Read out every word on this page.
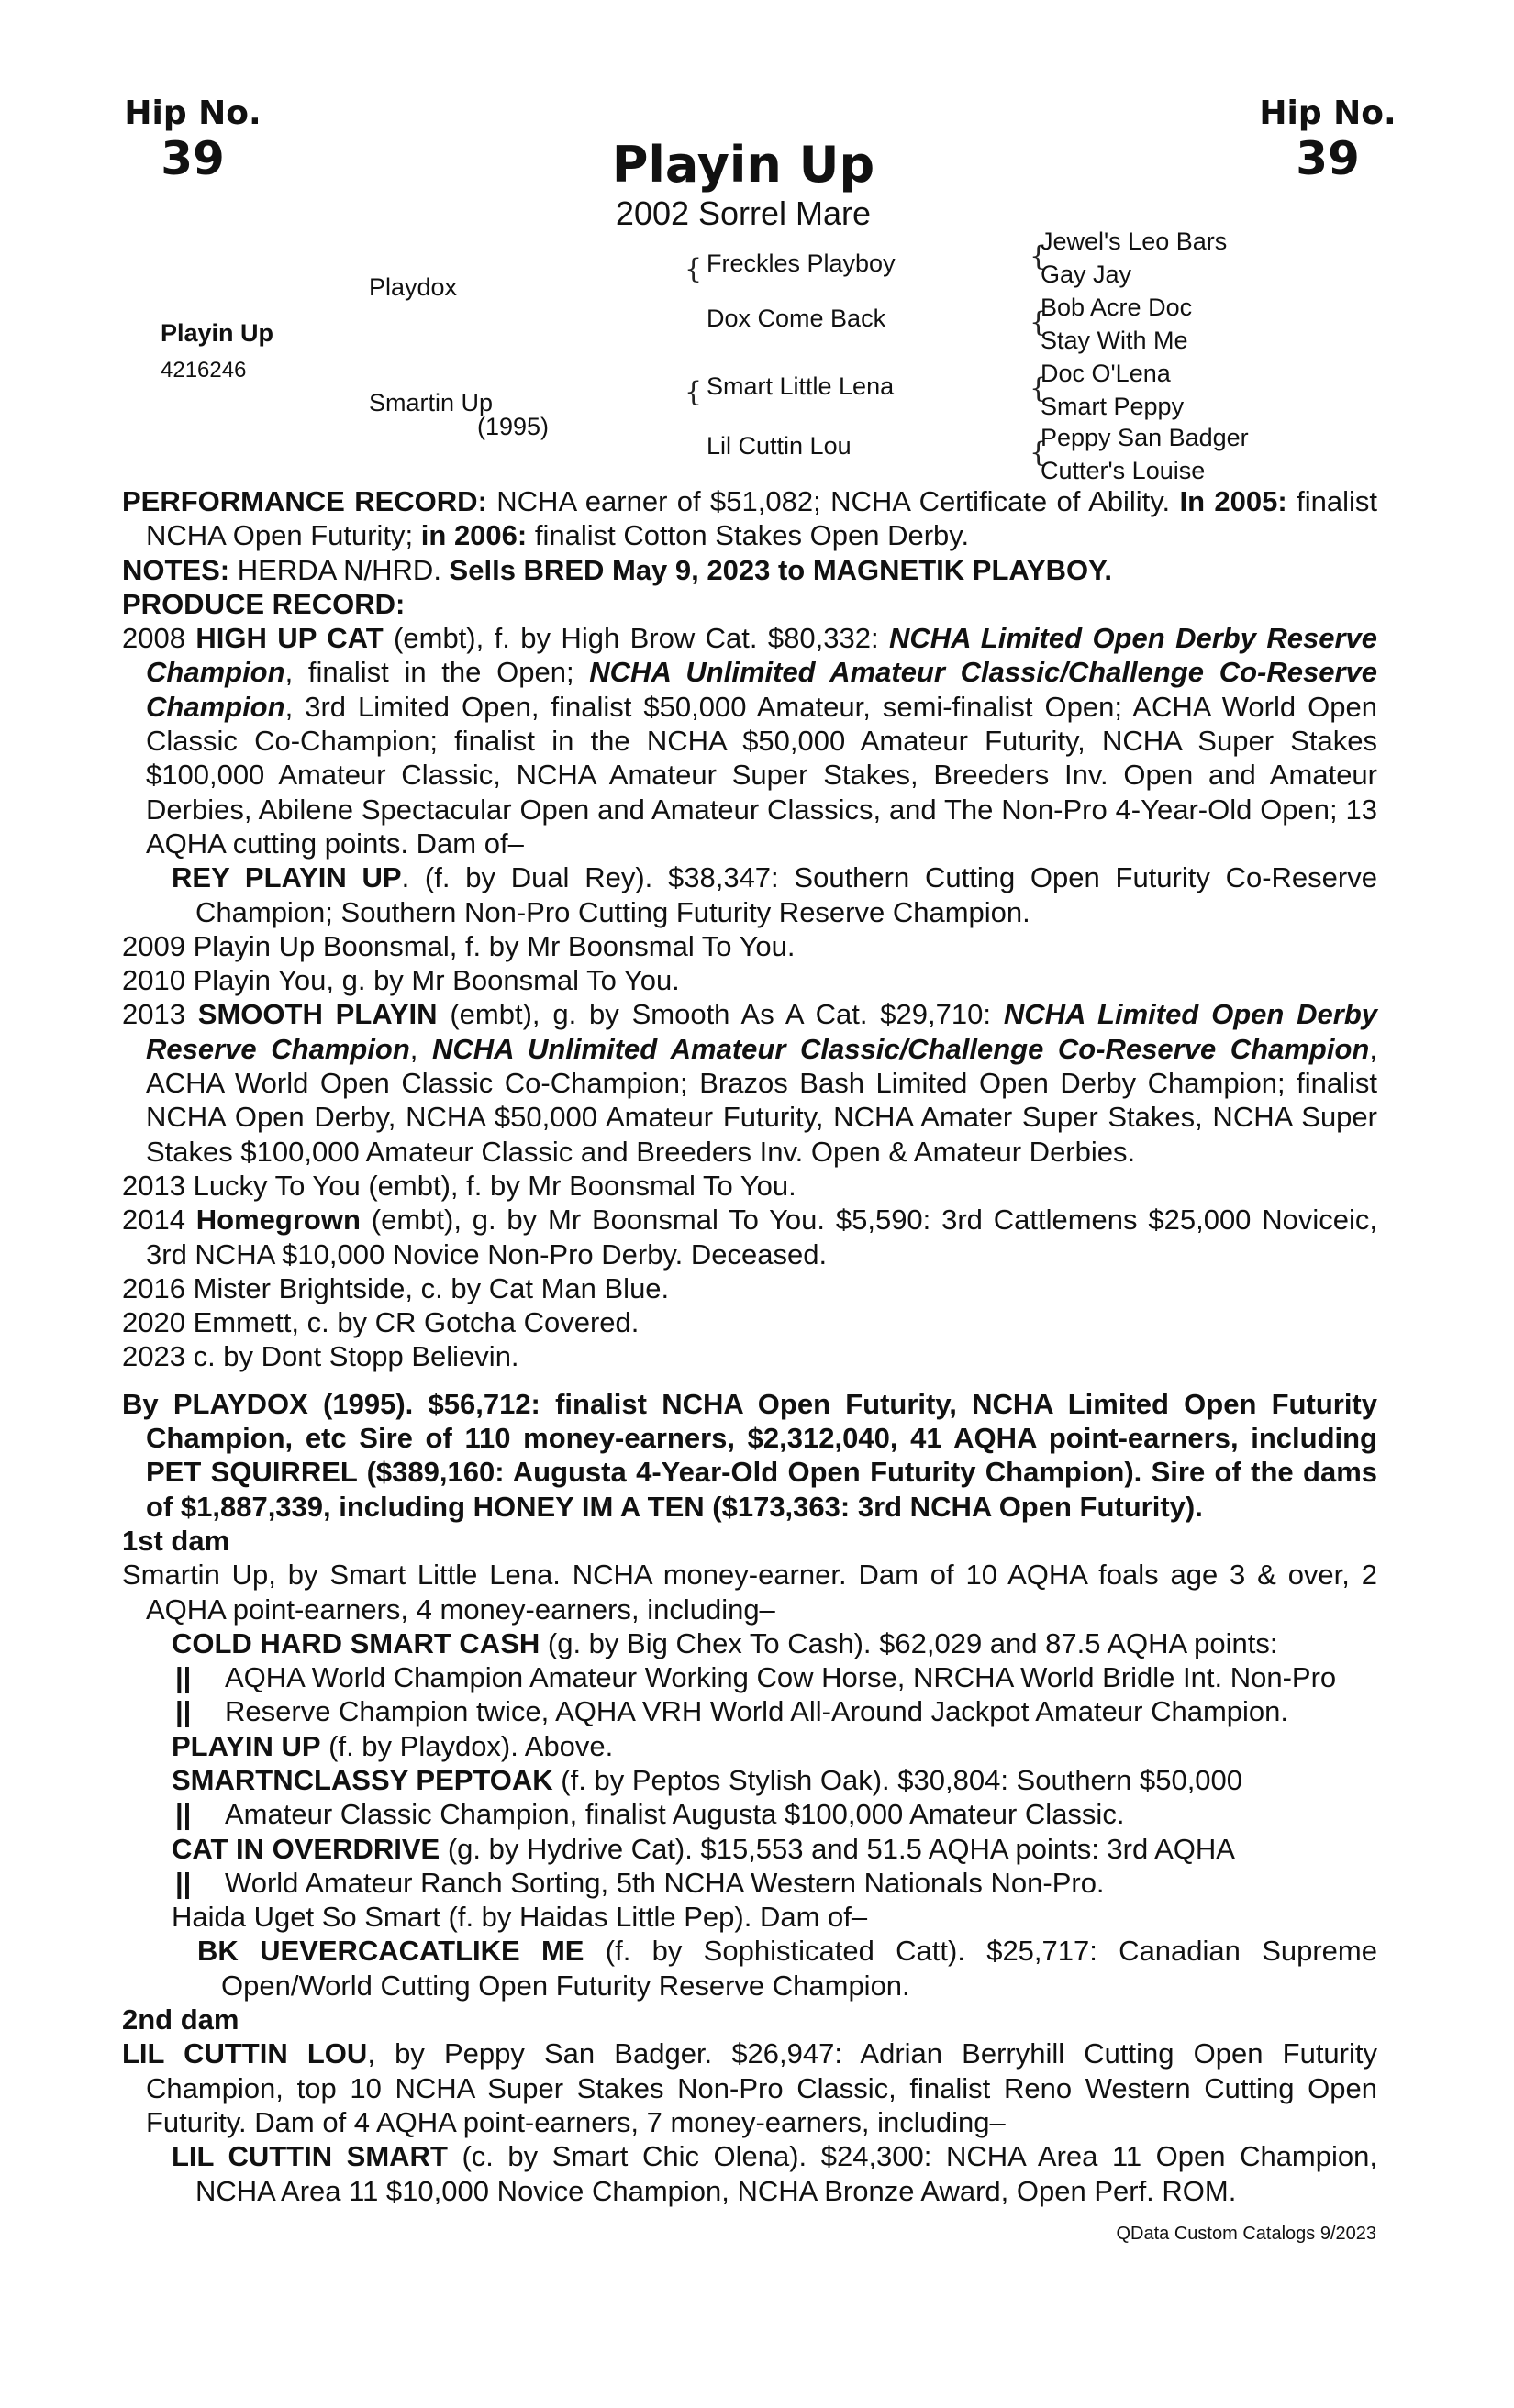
Hip No.
39
Hip No.
39
Playin Up
2002 Sorrel Mare
Playin Up
4216246
Playdox
Smartin Up
(1995)
{ Freckles Playboy
Dox Come Back
{ Smart Little Lena
Lil Cuttin Lou
{
Jewel's Leo Bars
Gay Jay
{
Bob Acre Doc
Stay With Me
{
Doc O'Lena
Smart Peppy
{
Peppy San Badger
Cutter's Louise

PERFORMANCE RECORD: NCHA earner of $51,082; NCHA Certificate of Ability. In 2005: finalist NCHA Open Futurity; in 2006: finalist Cotton Stakes Open Derby.

NOTES: HERDA N/HRD. Sells BRED May 9, 2023 to MAGNETIK PLAYBOY.

PRODUCE RECORD:

2008 HIGH UP CAT (embt), f. by High Brow Cat. $80,332: NCHA Limited Open Derby Reserve Champion, finalist in the Open; NCHA Unlimited Amateur Classic/Challenge Co-Reserve Champion, 3rd Limited Open, finalist $50,000 Amateur, semi-finalist Open; ACHA World Open Classic Co-Champion; finalist in the NCHA $50,000 Amateur Futurity, NCHA Super Stakes $100,000 Amateur Classic, NCHA Amateur Super Stakes, Breeders Inv. Open and Amateur Derbies, Abilene Spectacular Open and Amateur Classics, and The Non-Pro 4-Year-Old Open; 13 AQHA cutting points. Dam of–

REY PLAYIN UP. (f. by Dual Rey). $38,347: Southern Cutting Open Futurity Co-Reserve Champion; Southern Non-Pro Cutting Futurity Reserve Champion.

2009 Playin Up Boonsmal, f. by Mr Boonsmal To You.

2010 Playin You, g. by Mr Boonsmal To You.

2013 SMOOTH PLAYIN (embt), g. by Smooth As A Cat. $29,710: NCHA Limited Open Derby Reserve Champion, NCHA Unlimited Amateur Classic/Challenge Co-Reserve Champion, ACHA World Open Classic Co-Champion; Brazos Bash Limited Open Derby Champion; finalist NCHA Open Derby, NCHA $50,000 Amateur Futurity, NCHA Amater Super Stakes, NCHA Super Stakes $100,000 Amateur Classic and Breeders Inv. Open & Amateur Derbies.

2013 Lucky To You (embt), f. by Mr Boonsmal To You.

2014 Homegrown (embt), g. by Mr Boonsmal To You. $5,590: 3rd Cattlemens $25,000 Noviceic, 3rd NCHA $10,000 Novice Non-Pro Derby. Deceased.

2016 Mister Brightside, c. by Cat Man Blue.

2020 Emmett, c. by CR Gotcha Covered.

2023 c. by Dont Stopp Believin.

By PLAYDOX (1995). $56,712: finalist NCHA Open Futurity, NCHA Limited Open Futurity Champion, etc Sire of 110 money-earners, $2,312,040, 41 AQHA point-earners, including PET SQUIRREL ($389,160: Augusta 4-Year-Old Open Futurity Champion). Sire of the dams of $1,887,339, including HONEY IM A TEN ($173,363: 3rd NCHA Open Futurity).

1st dam

Smartin Up, by Smart Little Lena. NCHA money-earner. Dam of 10 AQHA foals age 3 & over, 2 AQHA point-earners, 4 money-earners, including–

COLD HARD SMART CASH (g. by Big Chex To Cash). $62,029 and 87.5 AQHA points:

|| AQHA World Champion Amateur Working Cow Horse, NRCHA World Bridle Int. Non-Pro

|| Reserve Champion twice, AQHA VRH World All-Around Jackpot Amateur Champion.

PLAYIN UP (f. by Playdox). Above.

SMARTNCLASSY PEPTOAK (f. by Peptos Stylish Oak). $30,804: Southern $50,000

|| Amateur Classic Champion, finalist Augusta $100,000 Amateur Classic.

CAT IN OVERDRIVE (g. by Hydrive Cat). $15,553 and 51.5 AQHA points: 3rd AQHA

|| World Amateur Ranch Sorting, 5th NCHA Western Nationals Non-Pro.

Haida Uget So Smart (f. by Haidas Little Pep). Dam of–

BK UEVERCACATLIKE ME (f. by Sophisticated Catt). $25,717: Canadian Supreme Open/World Cutting Open Futurity Reserve Champion.

2nd dam

LIL CUTTIN LOU, by Peppy San Badger. $26,947: Adrian Berryhill Cutting Open Futurity Champion, top 10 NCHA Super Stakes Non-Pro Classic, finalist Reno Western Cutting Open Futurity. Dam of 4 AQHA point-earners, 7 money-earners, including–

LIL CUTTIN SMART (c. by Smart Chic Olena). $24,300: NCHA Area 11 Open Champion, NCHA Area 11 $10,000 Novice Champion, NCHA Bronze Award, Open Perf. ROM.

QData Custom Catalogs 9/2023
